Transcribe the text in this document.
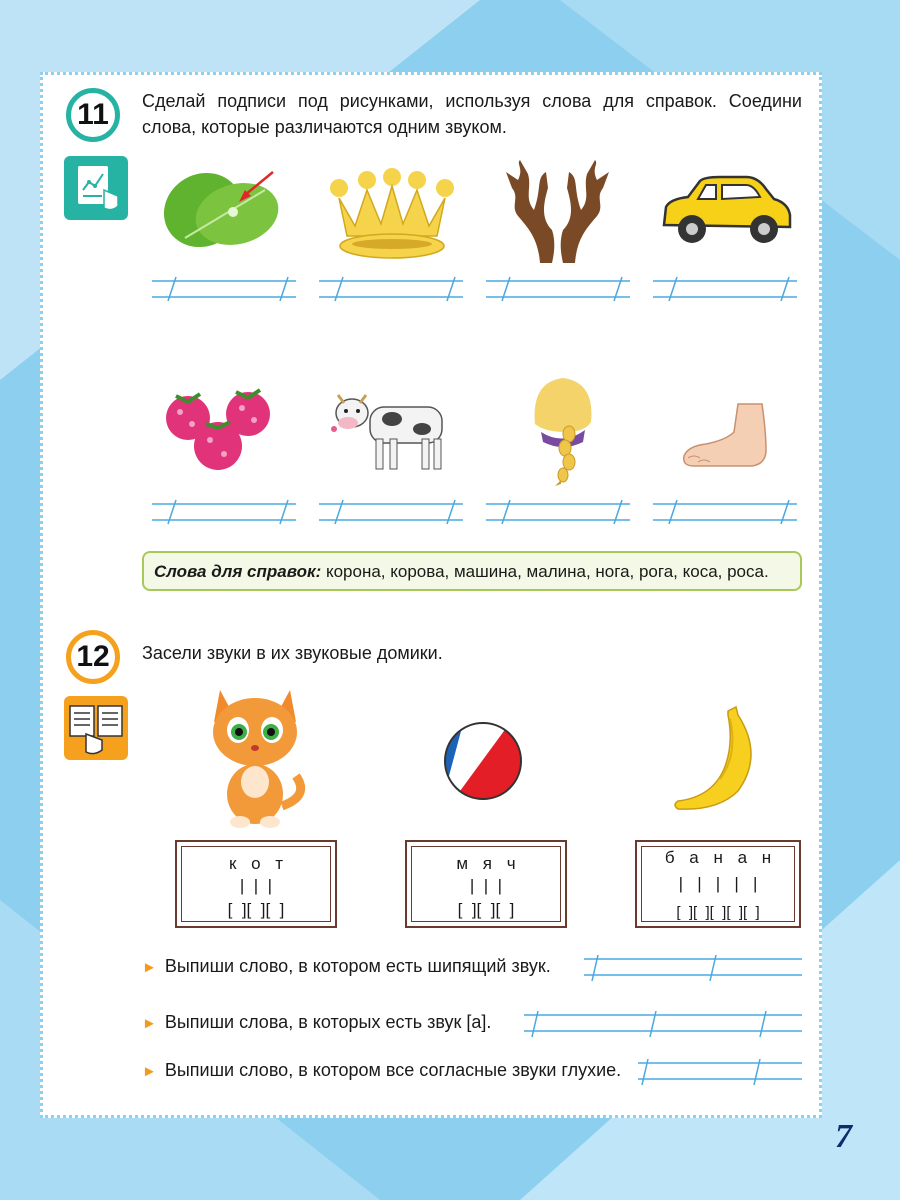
11	Сделай подписи под рисунками, используя слова для справок. Соедини слова, которые различаются одним звуком.
Слова для справок: корона, корова, машина, малина, нога, рога, коса, роса.
12	Засели звуки в их звуковые домики.
к о т
|  |  |
[  ][  ][  ]
м я ч
|  |  |
[  ][  ][  ]
б а н а н
|   |   |   |   |
[  ][  ][  ][  ][  ]
► Выпиши слово, в котором есть шипящий звук.
► Выпиши слова, в которых есть звук [а].
► Выпиши слово, в котором все согласные звуки глухие.
7
